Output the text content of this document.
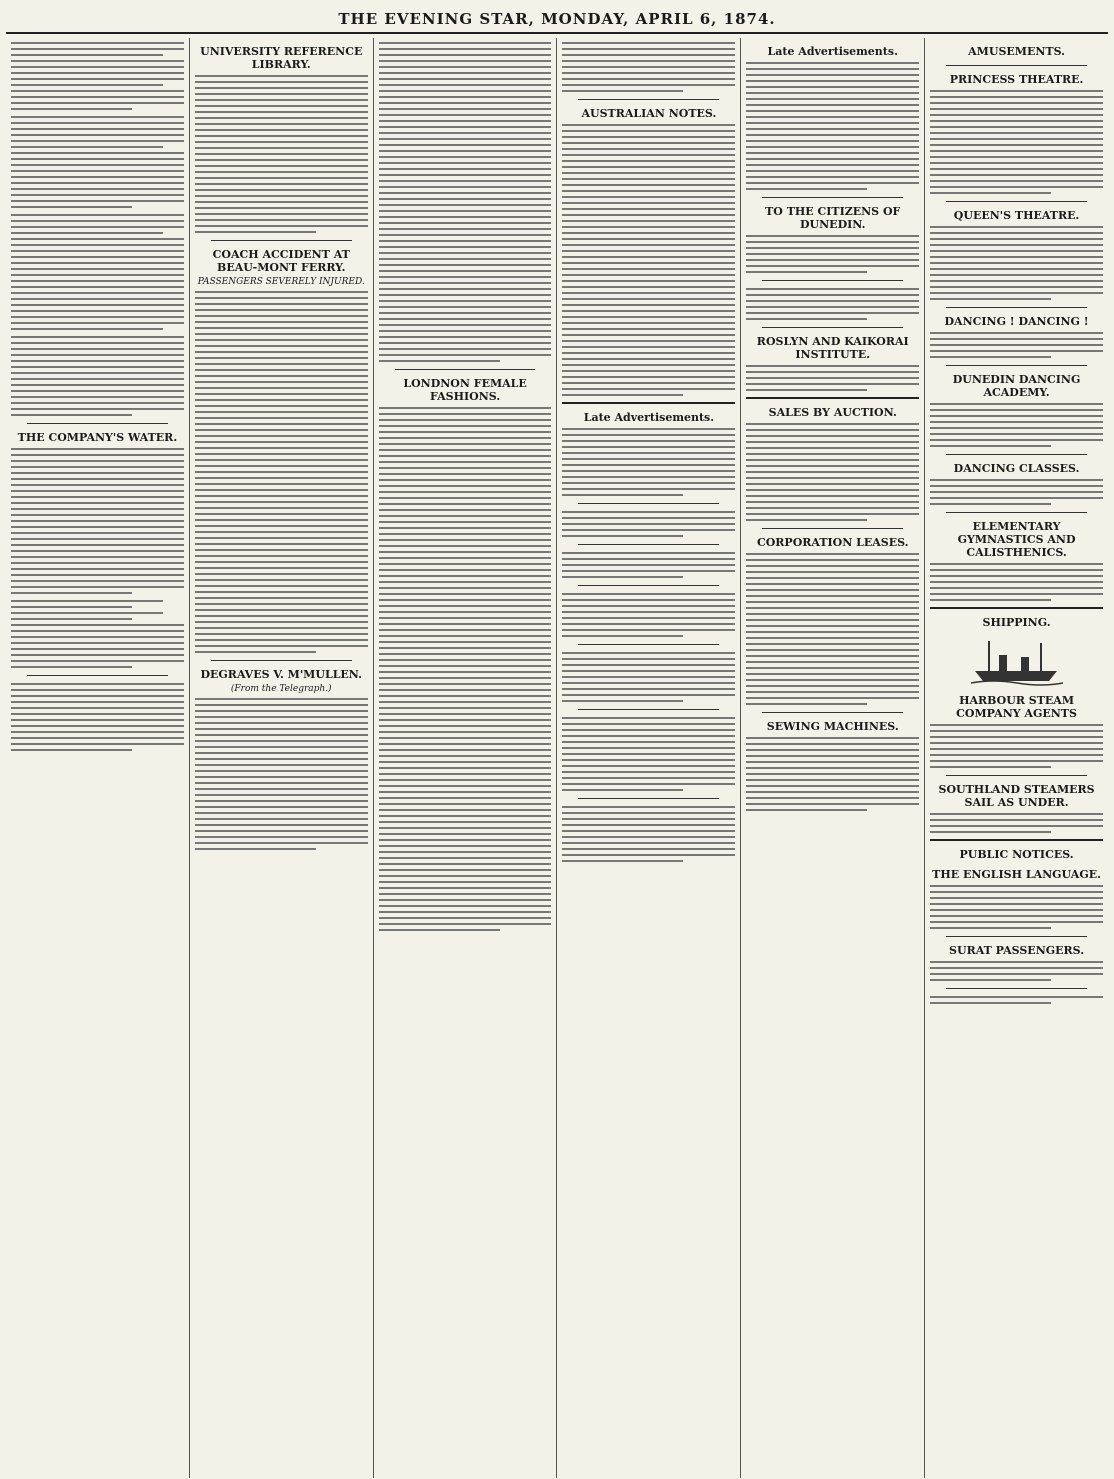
THE EVENING STAR, MONDAY, APRIL 6, 1874.
THE COMPANY'S WATER.
UNIVERSITY REFERENCE LIBRARY.
COACH ACCIDENT AT BEAU-MONT FERRY.
PASSENGERS SEVERELY INJURED.
DEGRAVES V. M'MULLEN.
(From the Telegraph.)
LONDNON FEMALE FASHIONS.
AUSTRALIAN NOTES.
Late Advertisements.
Late Advertisements.
TO THE CITIZENS OF DUNEDIN.
ROSLYN AND KAIKORAI INSTITUTE.
SALES BY AUCTION.
CORPORATION LEASES.
SEWING MACHINES.
AMUSEMENTS.
PRINCESS THEATRE.
QUEEN'S THEATRE.
DANCING ! DANCING !
DUNEDIN DANCING ACADEMY.
DANCING CLASSES.
ELEMENTARY GYMNASTICS AND CALISTHENICS.
SHIPPING.
HARBOUR STEAM COMPANY AGENTS
SOUTHLAND STEAMERS SAIL AS UNDER.
PUBLIC NOTICES.
THE ENGLISH LANGUAGE.
SURAT PASSENGERS.
